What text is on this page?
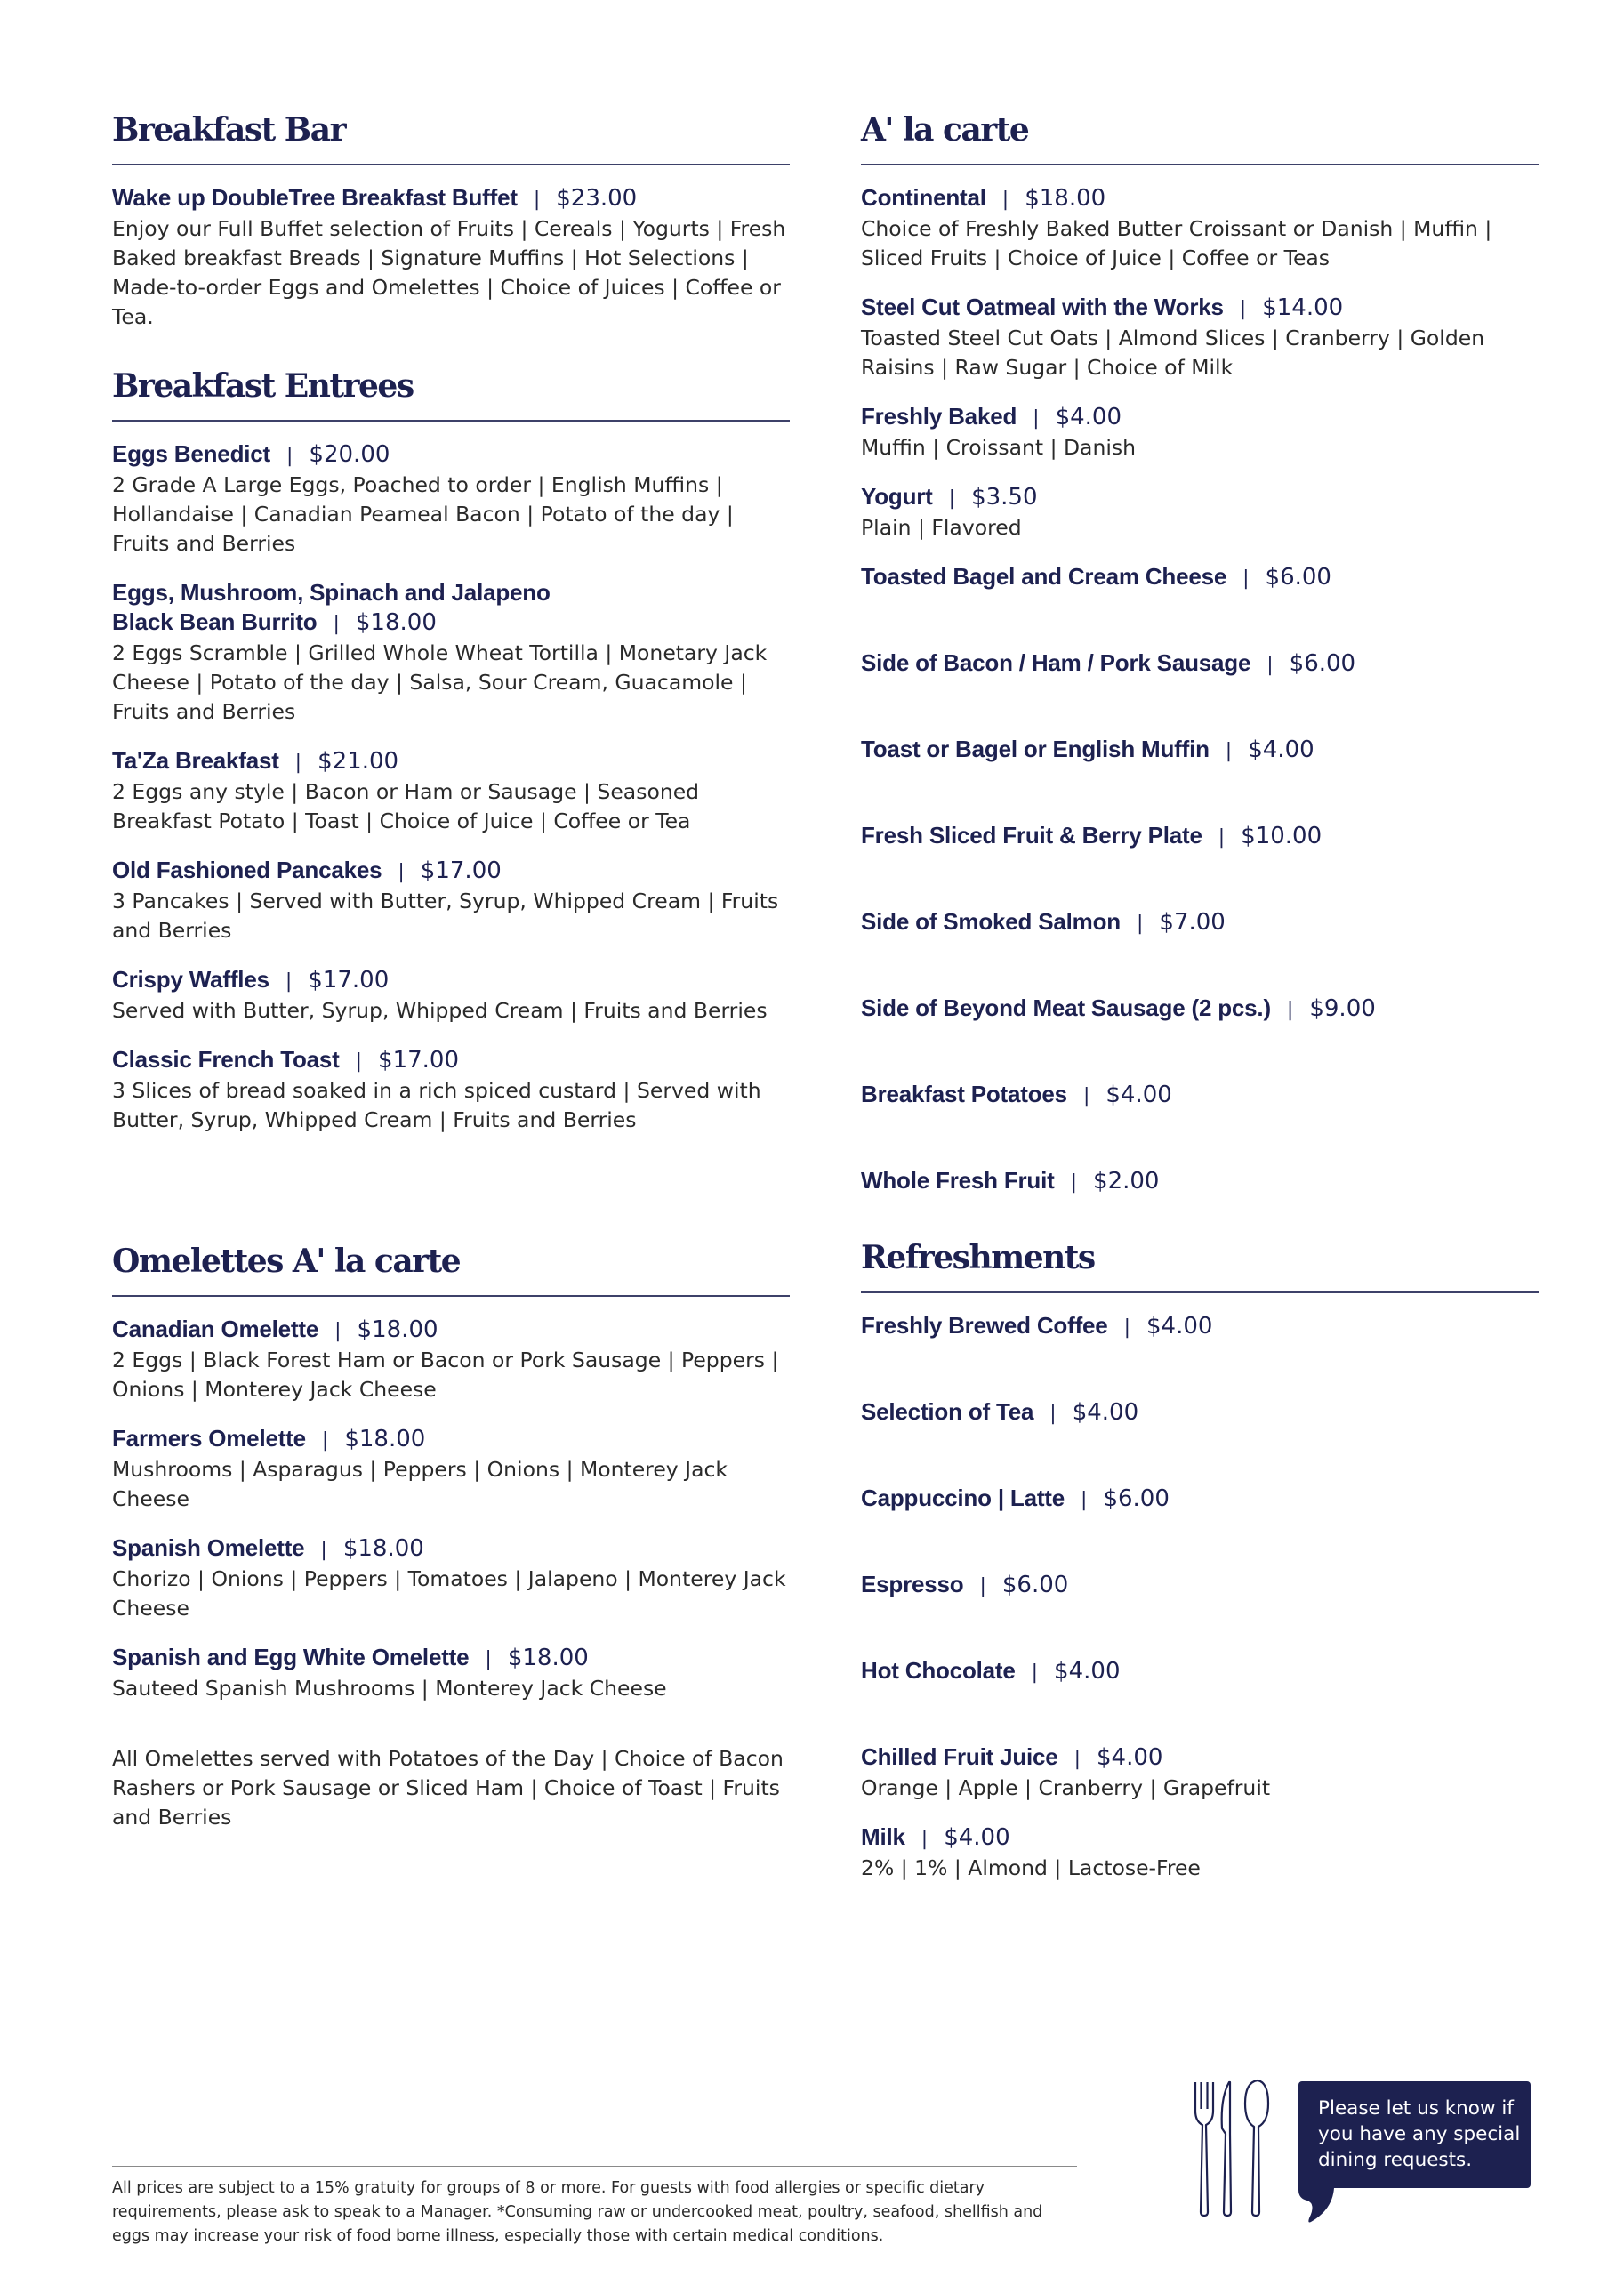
Breakfast Bar
Wake up DoubleTree Breakfast Buffet | $23.00

Enjoy our Full Buffet selection of Fruits | Cereals | Yogurts | Fresh Baked breakfast Breads | Signature Muffins | Hot Selections | Made-to-order Eggs and Omelettes | Choice of Juices | Coffee or Tea.

Breakfast Entrees
Eggs Benedict | $20.00

2 Grade A Large Eggs, Poached to order | English Muffins | Hollandaise | Canadian Peameal Bacon | Potato of the day | Fruits and Berries

Eggs, Mushroom, Spinach and Jalapeno
Black Bean Burrito | $18.00

2 Eggs Scramble | Grilled Whole Wheat Tortilla | Monetary Jack Cheese | Potato of the day | Salsa, Sour Cream, Guacamole | Fruits and Berries

Ta'Za Breakfast | $21.00

2 Eggs any style | Bacon or Ham or Sausage | Seasoned Breakfast Potato | Toast | Choice of Juice | Coffee or Tea

Old Fashioned Pancakes | $17.00

3 Pancakes | Served with Butter, Syrup, Whipped Cream | Fruits and Berries

Crispy Waffles | $17.00

Served with Butter, Syrup, Whipped Cream | Fruits and Berries

Classic French Toast | $17.00

3 Slices of bread soaked in a rich spiced custard | Served with Butter, Syrup, Whipped Cream | Fruits and Berries

Omelettes A' la carte
Canadian Omelette | $18.00

2 Eggs | Black Forest Ham or Bacon or Pork Sausage | Peppers | Onions | Monterey Jack Cheese

Farmers Omelette | $18.00

Mushrooms | Asparagus | Peppers | Onions | Monterey Jack Cheese

Spanish Omelette | $18.00

Chorizo | Onions | Peppers | Tomatoes | Jalapeno | Monterey Jack Cheese

Spanish and Egg White Omelette | $18.00

Sauteed Spanish Mushrooms | Monterey Jack Cheese

All Omelettes served with Potatoes of the Day | Choice of Bacon Rashers or Pork Sausage or Sliced Ham | Choice of Toast | Fruits and Berries

A' la carte
Continental | $18.00

Choice of Freshly Baked Butter Croissant or Danish | Muffin | Sliced Fruits | Choice of Juice | Coffee or Teas

Steel Cut Oatmeal with the Works | $14.00

Toasted Steel Cut Oats | Almond Slices | Cranberry | Golden Raisins | Raw Sugar | Choice of Milk

Freshly Baked | $4.00

Muffin | Croissant | Danish

Yogurt | $3.50

Plain | Flavored

Toasted Bagel and Cream Cheese | $6.00
Side of Bacon / Ham / Pork Sausage | $6.00
Toast or Bagel or English Muffin | $4.00
Fresh Sliced Fruit & Berry Plate | $10.00
Side of Smoked Salmon | $7.00
Side of Beyond Meat Sausage (2 pcs.) | $9.00
Breakfast Potatoes | $4.00
Whole Fresh Fruit | $2.00
Refreshments
Freshly Brewed Coffee | $4.00
Selection of Tea | $4.00
Cappuccino | Latte | $6.00
Espresso | $6.00
Hot Chocolate | $4.00
Chilled Fruit Juice | $4.00

Orange | Apple | Cranberry | Grapefruit

Milk | $4.00

2% | 1% | Almond | Lactose-Free

All prices are subject to a 15% gratuity for groups of 8 or more. For guests with food allergies or specific dietary requirements, please ask to speak to a Manager. *Consuming raw or undercooked meat, poultry, seafood, shellfish and eggs may increase your risk of food borne illness, especially those with certain medical conditions.

Please let us know if you have any special dining requests.
